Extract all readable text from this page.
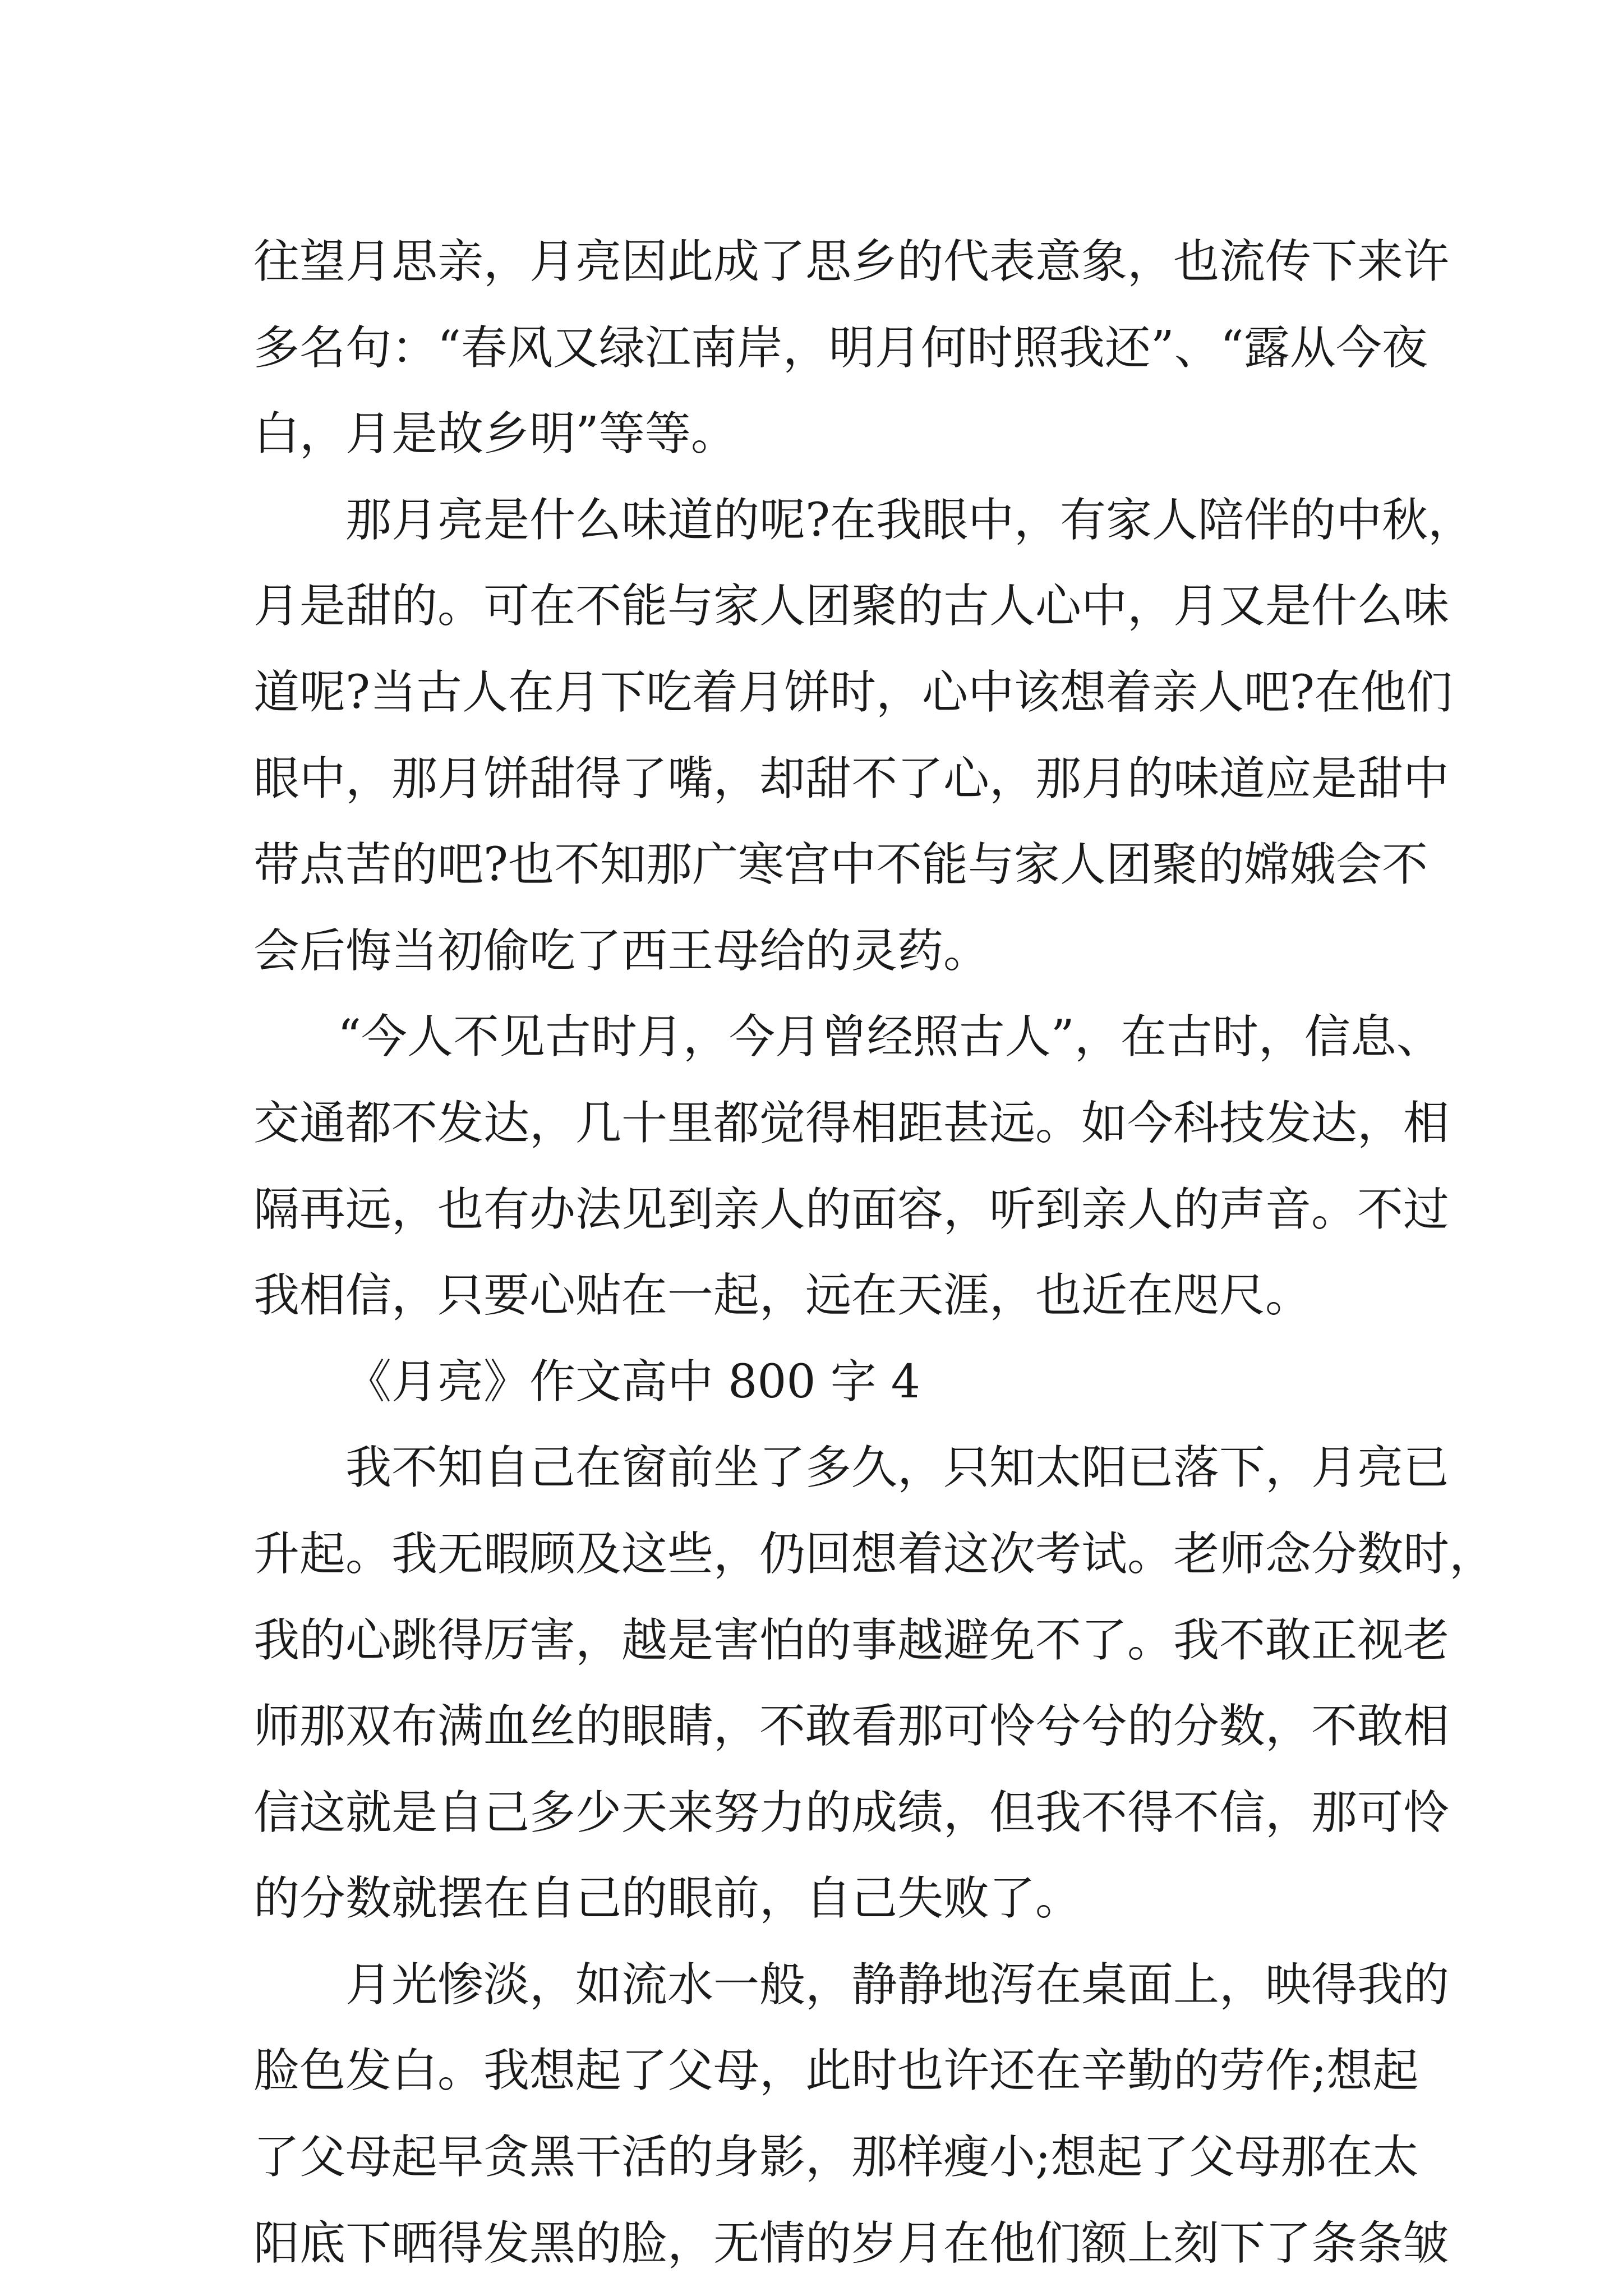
往望月思亲，月亮因此成了思乡的代表意象，也流传下来许
多名句：“春风又绿江南岸，明月何时照我还”、“露从今夜
白，月是故乡明”等等。
那月亮是什么味道的呢?在我眼中，有家人陪伴的中秋，
月是甜的。可在不能与家人团聚的古人心中，月又是什么味
道呢?当古人在月下吃着月饼时，心中该想着亲人吧?在他们
眼中，那月饼甜得了嘴，却甜不了心，那月的味道应是甜中
带点苦的吧?也不知那广寒宫中不能与家人团聚的嫦娥会不
会后悔当初偷吃了西王母给的灵药。
“今人不见古时月，今月曾经照古人”，在古时，信息、
交通都不发达，几十里都觉得相距甚远。如今科技发达，相
隔再远，也有办法见到亲人的面容，听到亲人的声音。不过
我相信，只要心贴在一起，远在天涯，也近在咫尺。
《月亮》作文高中 800 字 4
我不知自己在窗前坐了多久，只知太阳已落下，月亮已
升起。我无暇顾及这些，仍回想着这次考试。老师念分数时，
我的心跳得厉害，越是害怕的事越避免不了。我不敢正视老
师那双布满血丝的眼睛，不敢看那可怜兮兮的分数，不敢相
信这就是自己多少天来努力的成绩，但我不得不信，那可怜
的分数就摆在自己的眼前，自己失败了。
月光惨淡，如流水一般，静静地泻在桌面上，映得我的
脸色发白。我想起了父母，此时也许还在辛勤的劳作;想起
了父母起早贪黑干活的身影，那样瘦小;想起了父母那在太
阳底下晒得发黑的脸，无情的岁月在他们额上刻下了条条皱
